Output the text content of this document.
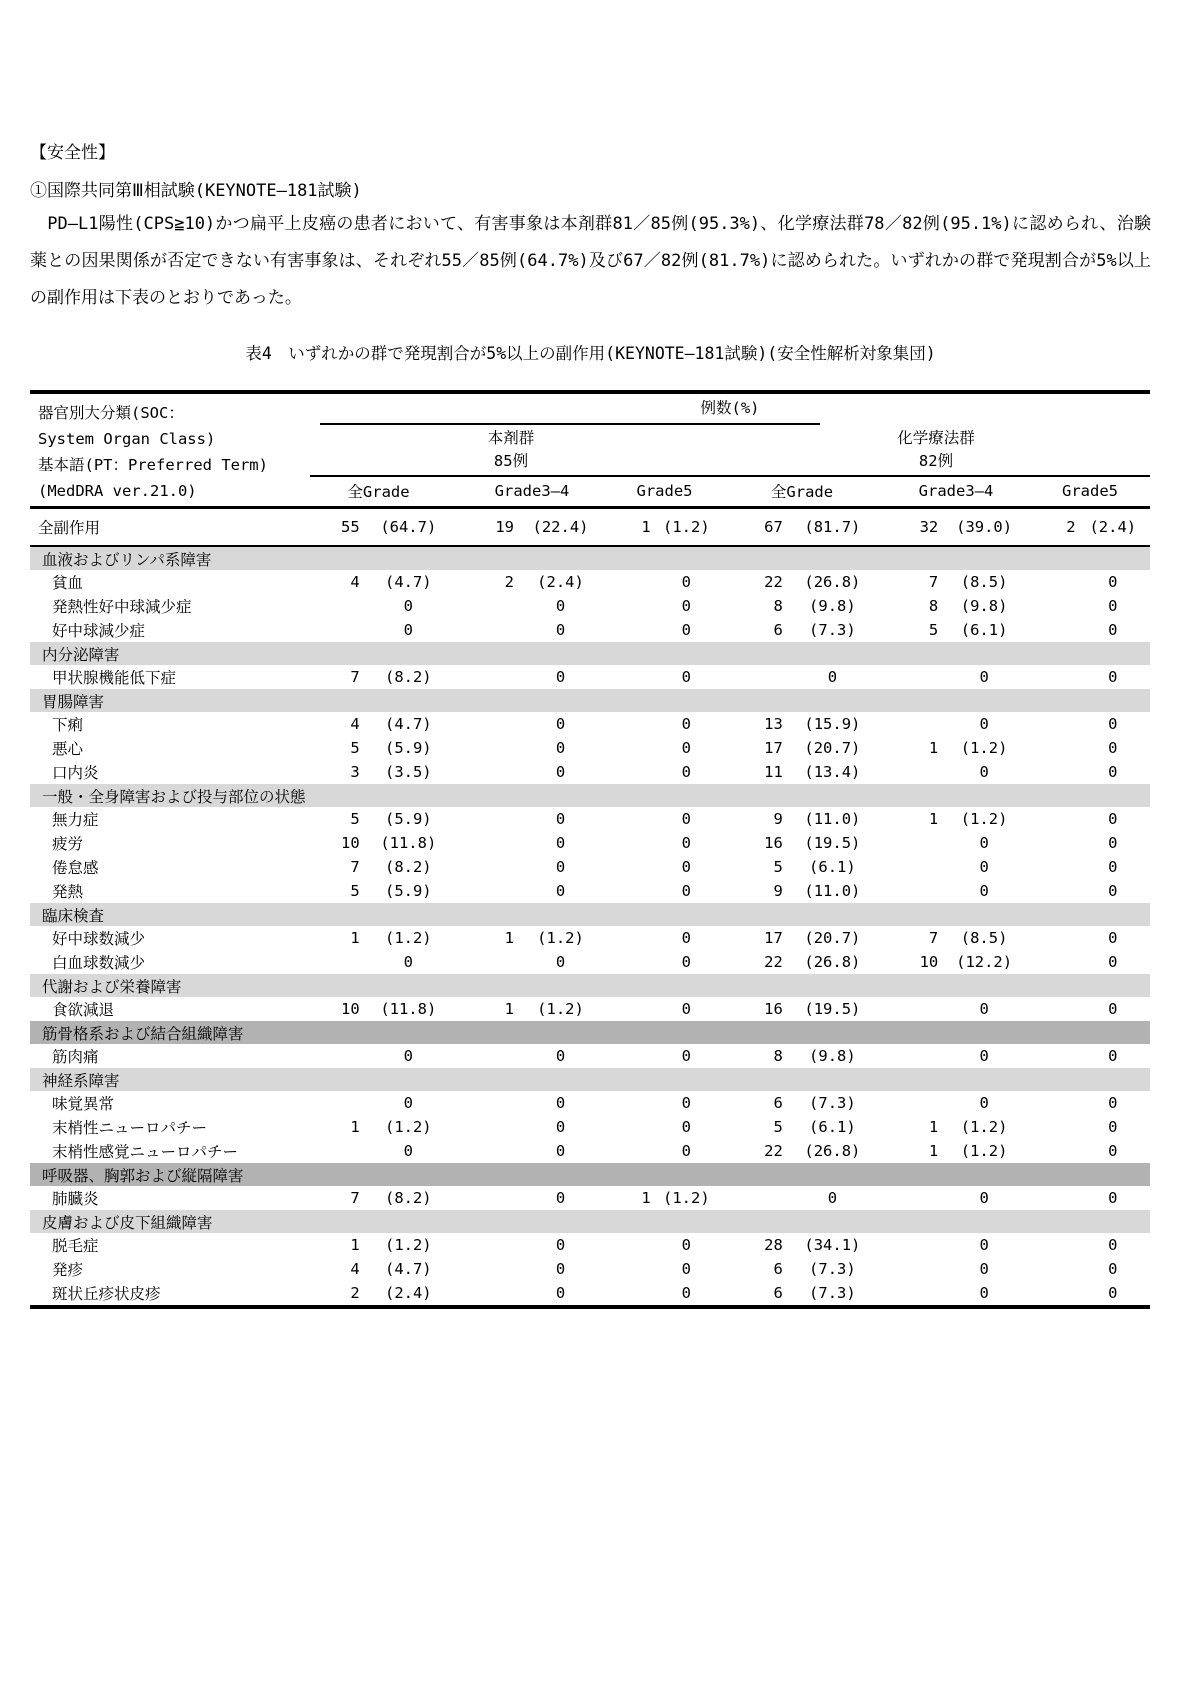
【安全性】
①国際共同第Ⅲ相試験(KEYNOTE—181試験)
　PD—L1陽性(CPS≧10)かつ扁平上皮癌の患者において、有害事象は本剤群81／85例(95.3%)、化学療法群78／82例(95.1%)に認められ、治験薬との因果関係が否定できない有害事象は、それぞれ55／85例(64.7%)及び67／82例(81.7%)に認められた。いずれかの群で発現割合が5%以上の副作用は下表のとおりであった。
表4　いずれかの群で発現割合が5%以上の副作用(KEYNOTE—181試験)(安全性解析対象集団)
器官別大分類(SOC：
System Organ Class)
基本語(PT：Preferred Term)
(MedDRA ver.21.0)
例数(%)
本剤群
85例
化学療法群
82例
全Grade	Grade3—4	Grade5	全Grade	Grade3—4	Grade5
全副作用	55	(64.7)	19	(22.4)	1 (1.2)	67	(81.7)	32	(39.0)	2 (2.4)
血液およびリンパ系障害
貧血	4	(4.7)	2	(2.4)	0	22	(26.8)	7	(8.5)	0
発熱性好中球減少症	0	0	0	8	(9.8)	8	(9.8)	0
好中球減少症	0	0	0	6	(7.3)	5	(6.1)	0
内分泌障害
甲状腺機能低下症	7	(8.2)	0	0	0	0	0
胃腸障害
下痢	4	(4.7)	0	0	13	(15.9)	0	0
悪心	5	(5.9)	0	0	17	(20.7)	1	(1.2)	0
口内炎	3	(3.5)	0	0	11	(13.4)	0	0
一般・全身障害および投与部位の状態
無力症	5	(5.9)	0	0	9	(11.0)	1	(1.2)	0
疲労	10	(11.8)	0	0	16	(19.5)	0	0
倦怠感	7	(8.2)	0	0	5	(6.1)	0	0
発熱	5	(5.9)	0	0	9	(11.0)	0	0
臨床検査
好中球数減少	1	(1.2)	1	(1.2)	0	17	(20.7)	7	(8.5)	0
白血球数減少	0	0	0	22	(26.8)	10	(12.2)	0
代謝および栄養障害
食欲減退	10	(11.8)	1	(1.2)	0	16	(19.5)	0	0
筋骨格系および結合組織障害
筋肉痛	0	0	0	8	(9.8)	0	0
神経系障害
味覚異常	0	0	0	6	(7.3)	0	0
末梢性ニューロパチー	1	(1.2)	0	0	5	(6.1)	1	(1.2)	0
末梢性感覚ニューロパチー	0	0	0	22	(26.8)	1	(1.2)	0
呼吸器、胸郭および縦隔障害
肺臓炎	7	(8.2)	0	1 (1.2)	0	0	0
皮膚および皮下組織障害
脱毛症	1	(1.2)	0	0	28	(34.1)	0	0
発疹	4	(4.7)	0	0	6	(7.3)	0	0
斑状丘疹状皮疹	2	(2.4)	0	0	6	(7.3)	0	0
